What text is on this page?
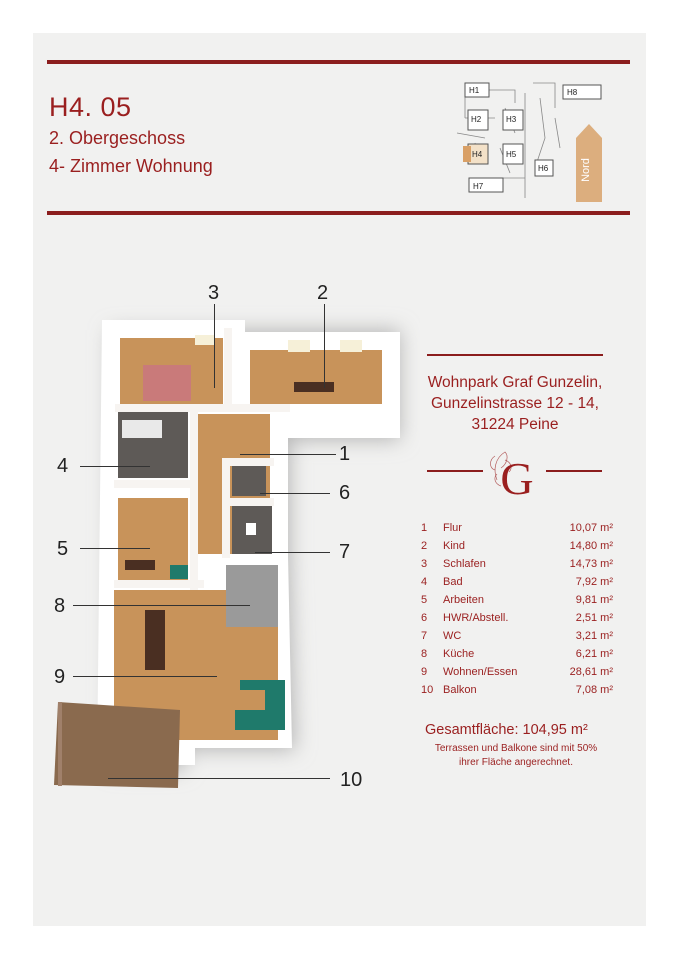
H4. 05
2. Obergeschoss
4- Zimmer Wohnung
H1
H2	H3
H4	H5
H6
H7
H8
Nord
3	2
1
4
6
5	7
8
9
10
Wohnpark Graf Gunzelin,
Gunzelinstrasse 12 - 14,
31224 Peine
G
1 Flur	10,07 m²
2 Kind	14,80 m²
3 Schlafen	14,73 m²
4 Bad	7,92 m²
5 Arbeiten	9,81 m²
6 HWR/Abstell.	2,51 m²
7 WC	3,21 m²
8 Küche	6,21 m²
9 Wohnen/Essen	28,61 m²
10 Balkon	7,08 m²
Gesamtfläche: 104,95 m²
Terrassen und Balkone sind mit 50%
ihrer Fläche angerechnet.
